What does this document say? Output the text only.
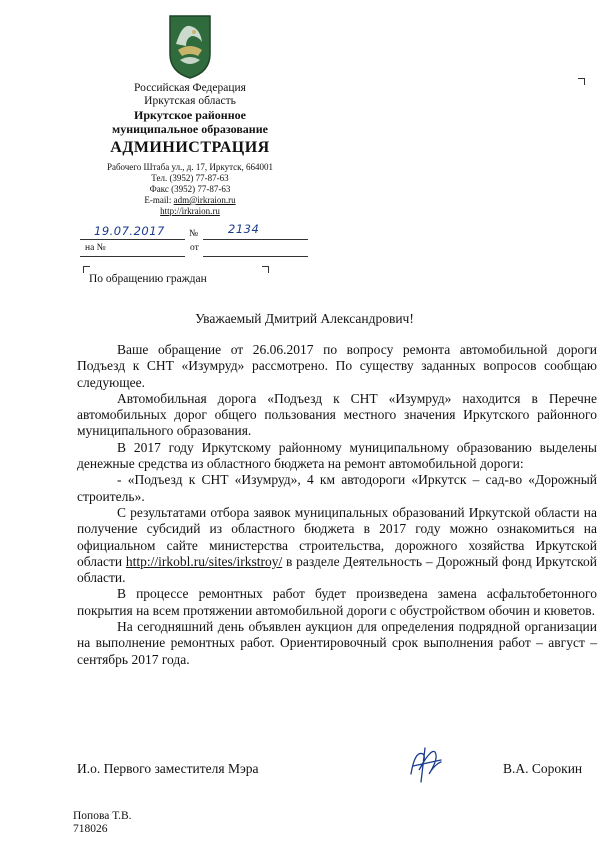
Российская Федерация
Иркутская область
Иркутское районное
муниципальное образование
АДМИНИСТРАЦИЯ
Рабочего Штаба ул., д. 17, Иркутск, 664001
Тел. (3952) 77-87-63
Факс (3952) 77-87-63
E-mail: adm@irkraion.ru
http://irkraion.ru
19.07.2017	№	2134
на №	от
По обращению граждан
Уважаемый Дмитрий Александрович!

Ваше обращение от 26.06.2017 по вопросу ремонта автомобильной дороги Подъезд к СНТ «Изумруд» рассмотрено. По существу заданных вопросов сообщаю следующее.

Автомобильная дорога «Подъезд к СНТ «Изумруд» находится в Перечне автомобильных дорог общего пользования местного значения Иркутского районного муниципального образования.

В 2017 году Иркутскому районному муниципальному образованию выделены денежные средства из областного бюджета на ремонт автомобильной дороги:

- «Подъезд к СНТ «Изумруд», 4 км автодороги «Иркутск – сад-во «Дорожный строитель».

С результатами отбора заявок муниципальных образований Иркутской области на получение субсидий из областного бюджета в 2017 году можно ознакомиться на официальном сайте министерства строительства, дорожного хозяйства Иркутской области http://irkobl.ru/sites/irkstroy/ в разделе Деятельность – Дорожный фонд Иркутской области.

В процессе ремонтных работ будет произведена замена асфальтобетонного покрытия на всем протяжении автомобильной дороги с обустройством обочин и кюветов.

На сегодняшний день объявлен аукцион для определения подрядной организации на выполнение ремонтных работ. Ориентировочный срок выполнения работ – август – сентябрь 2017 года.

И.о. Первого заместителя Мэра	В.А. Сорокин
Попова Т.В.
718026
